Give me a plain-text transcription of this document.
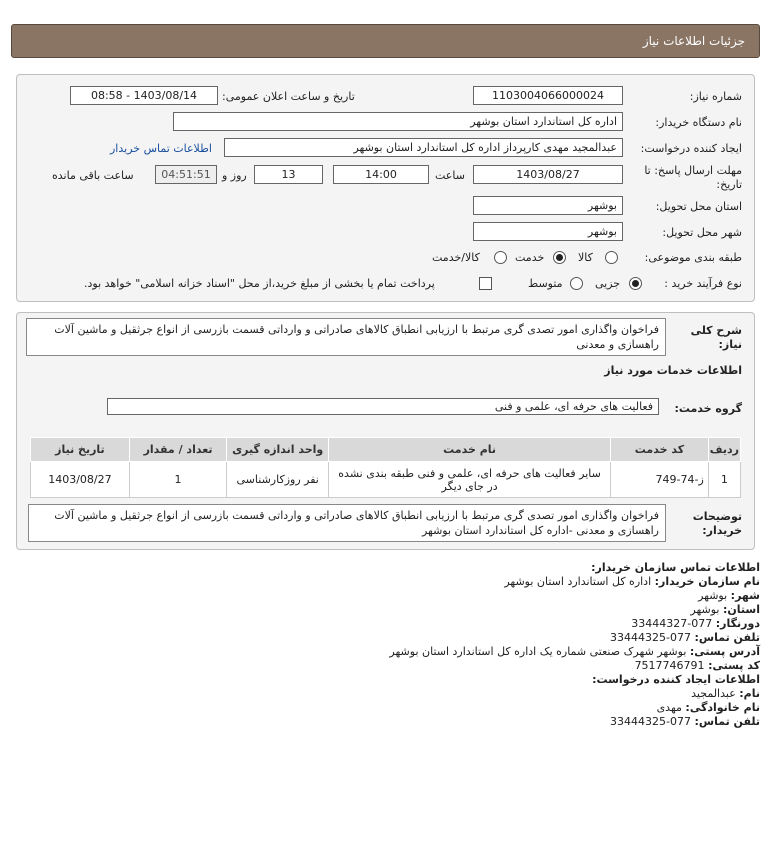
جزئیات اطلاعات نیاز
شماره نیاز:
1103004066000024
تاریخ و ساعت اعلان عمومی:
1403/08/14 - 08:58
نام دستگاه خریدار:
اداره کل استاندارد استان بوشهر
ایجاد کننده درخواست:
عبدالمجید مهدی کارپرداز اداره کل استاندارد استان بوشهر
اطلاعات تماس خریدار
مهلت ارسال پاسخ: تا
تاریخ:
1403/08/27
ساعت
14:00
13
روز و
04:51:51
ساعت باقی مانده
استان محل تحویل:
بوشهر
شهر محل تحویل:
بوشهر
طبقه بندی موضوعی:
کالا
خدمت
کالا/خدمت
نوع فرآیند خرید :
جزیی
متوسط
پرداخت تمام یا بخشی از مبلغ خرید،از محل "اسناد خزانه اسلامی" خواهد بود.
شرح کلی
نیاز:
فراخوان واگذاری امور تصدی گری مرتبط با ارزیابی انطباق کالاهای صادراتی و وارداتی قسمت بازرسی از انواع جرثقیل و ماشین آلات راهسازی و معدنی
اطلاعات خدمات مورد نیاز
گروه خدمت:
فعالیت های حرفه ای، علمی و فنی
ردیف	کد خدمت	نام خدمت	واحد اندازه گیری	تعداد / مقدار	تاریخ نیاز
1	ز-74-749	سایر فعالیت های حرفه ای، علمی و فنی طبقه بندی نشده در جای دیگر	نفر روزکارشناسی	1	1403/08/27
توضیحات
خریدار:
فراخوان واگذاری امور تصدی گری مرتبط با ارزیابی انطباق کالاهای صادراتی و وارداتی قسمت بازرسی از انواع جرثقیل و ماشین آلات راهسازی و معدنی -اداره کل استاندارد استان بوشهر
اطلاعات تماس سازمان خریدار:
نام سازمان خریدار: اداره کل استاندارد استان بوشهر
شهر: بوشهر
استان: بوشهر
دورنگار: 077-33444327
تلفن تماس: 077-33444325
آدرس پستی: بوشهر شهرک صنعتی شماره یک اداره کل استاندارد استان بوشهر
کد پستی: 7517746791
اطلاعات ایجاد کننده درخواست:
نام: عبدالمجید
نام خانوادگی: مهدی
تلفن تماس: 077-33444325
